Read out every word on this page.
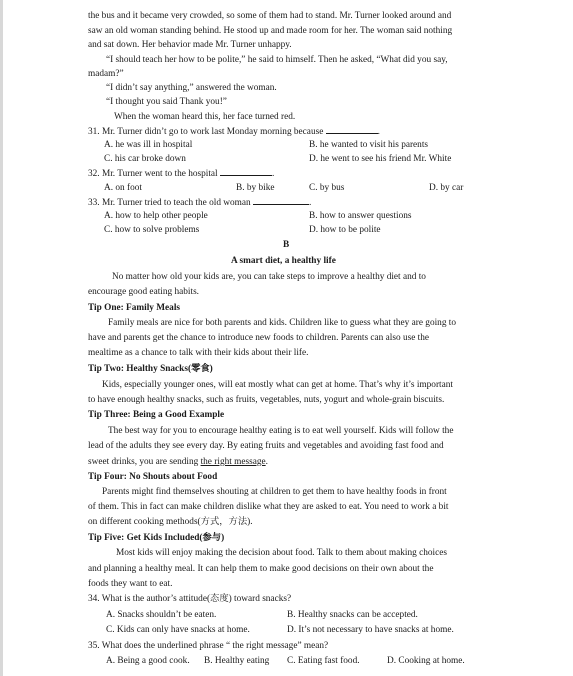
the bus and it became very crowded, so some of them had to stand. Mr. Turner looked around and
saw an old woman standing behind. He stood up and made room for her. The woman said nothing
and sat down. Her behavior made Mr. Turner unhappy.
“I should teach her how to be polite,” he said to himself. Then he asked, “What did you say,
madam?”
“I didn’t say anything,” answered the woman.
“I thought you said Thank you!”
When the woman heard this, her face turned red.
31. Mr. Turner didn’t go to work last Monday morning because	.
A. he was ill in hospital	B. he wanted to visit his parents
C. his car broke down	D. he went to see his friend Mr. White
32. Mr. Turner went to the hospital	.
A. on foot	B. by bike	C. by bus	D. by car
33. Mr. Turner tried to teach the old woman	.
A. how to help other people	B. how to answer questions
C. how to solve problems	D. how to be polite
B
A smart diet, a healthy life
No matter how old your kids are, you can take steps to improve a healthy diet and to
encourage good eating habits.
Tip One: Family Meals
Family meals are nice for both parents and kids. Children like to guess what they are going to
have and parents get the chance to introduce new foods to children. Parents can also use the
mealtime as a chance to talk with their kids about their life.
Tip Two: Healthy Snacks(零食)
Kids, especially younger ones, will eat mostly what can get at home. That’s why it’s important
to have enough healthy snacks, such as fruits, vegetables, nuts, yogurt and whole-grain biscuits.
Tip Three: Being a Good Example
The best way for you to encourage healthy eating is to eat well yourself. Kids will follow the
lead of the adults they see every day. By eating fruits and vegetables and avoiding fast food and
sweet drinks, you are sending the right message.
Tip Four: No Shouts about Food
Parents might find themselves shouting at children to get them to have healthy foods in front
of them. This in fact can make children dislike what they are asked to eat. You need to work a bit
on different cooking methods(方式，方法).
Tip Five: Get Kids Included(参与)
Most kids will enjoy making the decision about food. Talk to them about making choices
and planning a healthy meal. It can help them to make good decisions on their own about the
foods they want to eat.
34. What is the author’s attitude(态度) toward snacks?
A. Snacks shouldn’t be eaten.	B. Healthy snacks can be accepted.
C. Kids can only have snacks at home.	D. It’s not necessary to have snacks at home.
35. What does the underlined phrase “ the right message” mean?
A. Being a good cook. B. Healthy eating C. Eating fast food.	D. Cooking at home.
